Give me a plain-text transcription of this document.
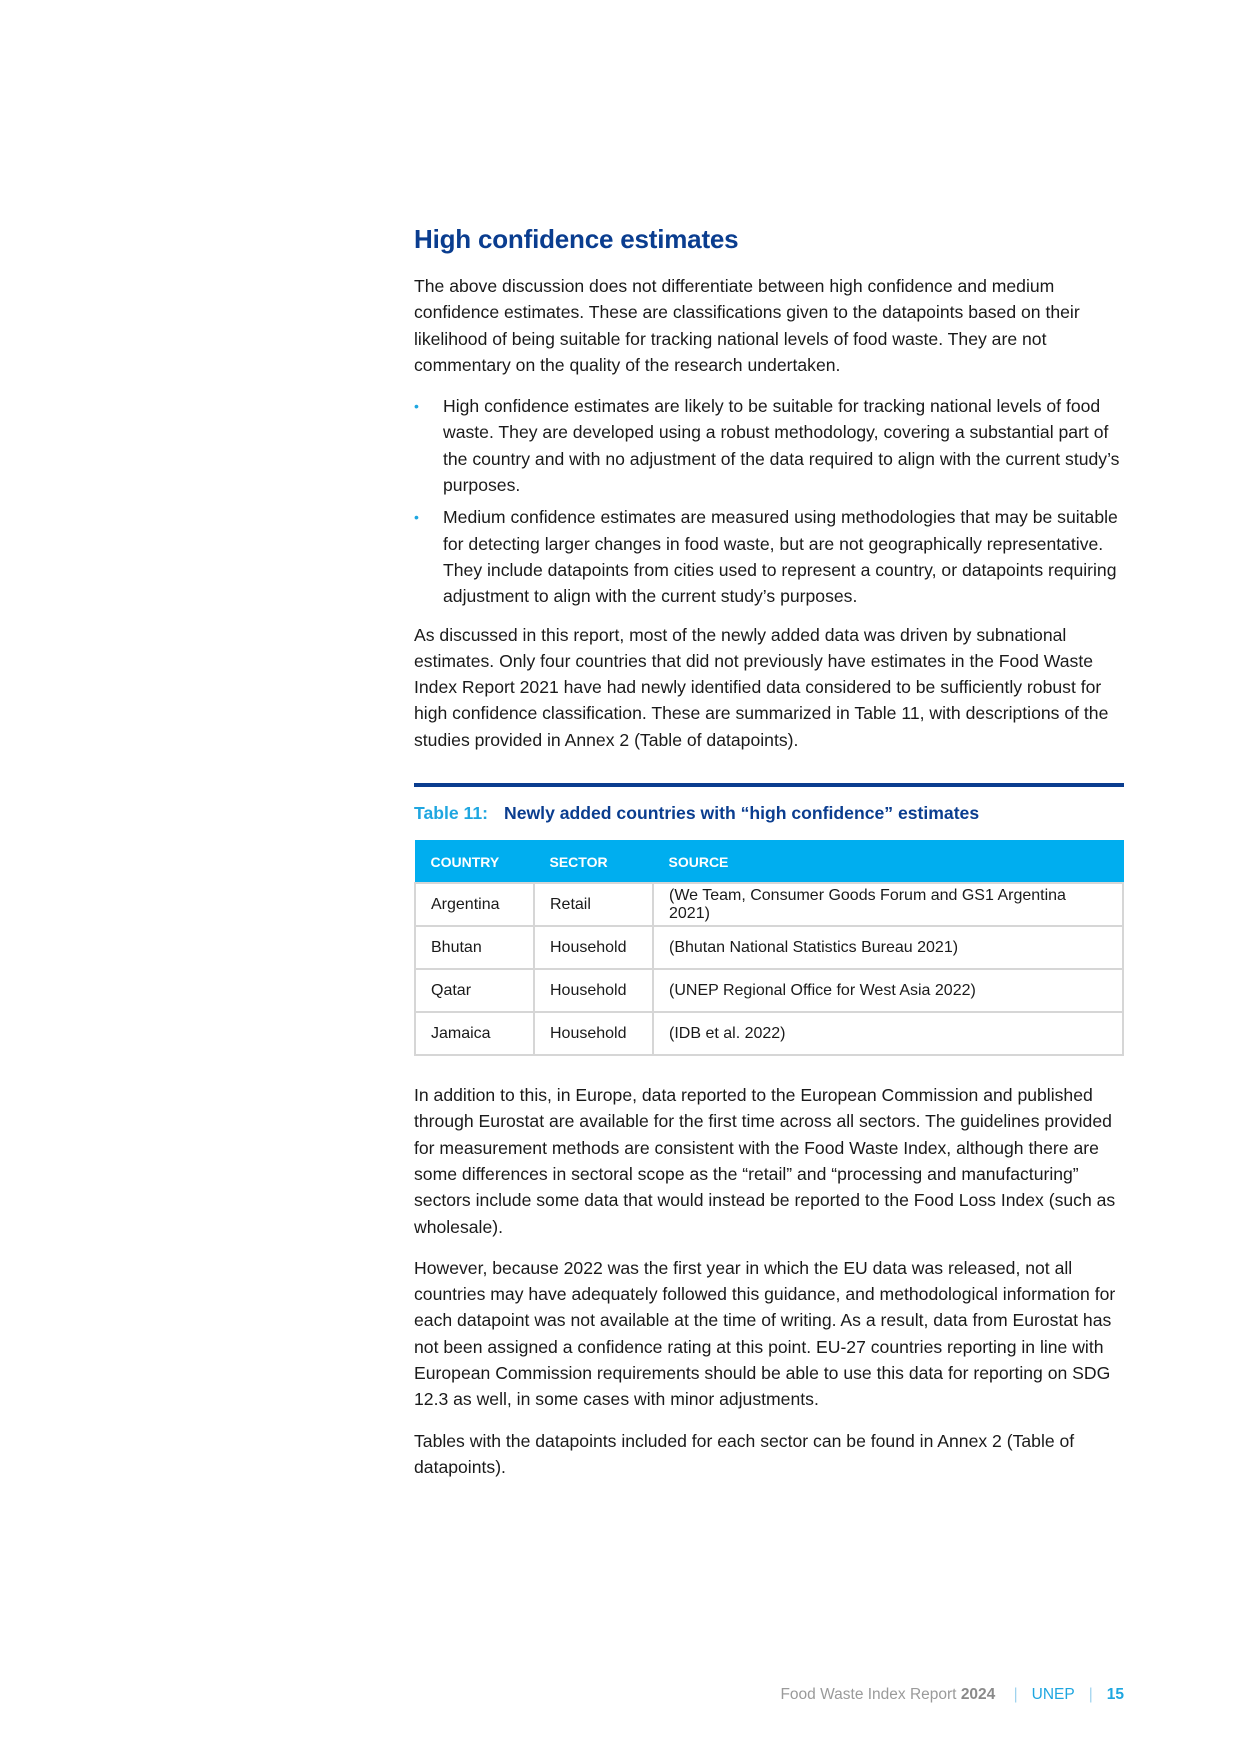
High confidence estimates

The above discussion does not differentiate between high confidence and medium confidence estimates. These are classifications given to the datapoints based on their likelihood of being suitable for tracking national levels of food waste. They are not commentary on the quality of the research undertaken.

• High confidence estimates are likely to be suitable for tracking national levels of food waste. They are developed using a robust methodology, covering a substantial part of the country and with no adjustment of the data required to align with the current study’s purposes.
• Medium confidence estimates are measured using methodologies that may be suitable for detecting larger changes in food waste, but are not geographically representative. They include datapoints from cities used to represent a country, or datapoints requiring adjustment to align with the current study’s purposes.

As discussed in this report, most of the newly added data was driven by subnational estimates. Only four countries that did not previously have estimates in the Food Waste Index Report 2021 have had newly identified data considered to be sufficiently robust for high confidence classification. These are summarized in Table 11, with descriptions of the studies provided in Annex 2 (Table of datapoints).

Table 11: Newly added countries with “high confidence” estimates
COUNTRY	SECTOR	SOURCE
Argentina	Retail	(We Team, Consumer Goods Forum and GS1 Argentina 2021)
Bhutan	Household	(Bhutan National Statistics Bureau 2021)
Qatar	Household	(UNEP Regional Office for West Asia 2022)
Jamaica	Household	(IDB et al. 2022)

In addition to this, in Europe, data reported to the European Commission and published through Eurostat are available for the first time across all sectors. The guidelines provided for measurement methods are consistent with the Food Waste Index, although there are some differences in sectoral scope as the “retail” and “processing and manufacturing” sectors include some data that would instead be reported to the Food Loss Index (such as wholesale).

However, because 2022 was the first year in which the EU data was released, not all countries may have adequately followed this guidance, and methodological information for each datapoint was not available at the time of writing. As a result, data from Eurostat has not been assigned a confidence rating at this point. EU-27 countries reporting in line with European Commission requirements should be able to use this data for reporting on SDG 12.3 as well, in some cases with minor adjustments.

Tables with the datapoints included for each sector can be found in Annex 2 (Table of datapoints).

Food Waste Index Report 2024 | UNEP | 15
